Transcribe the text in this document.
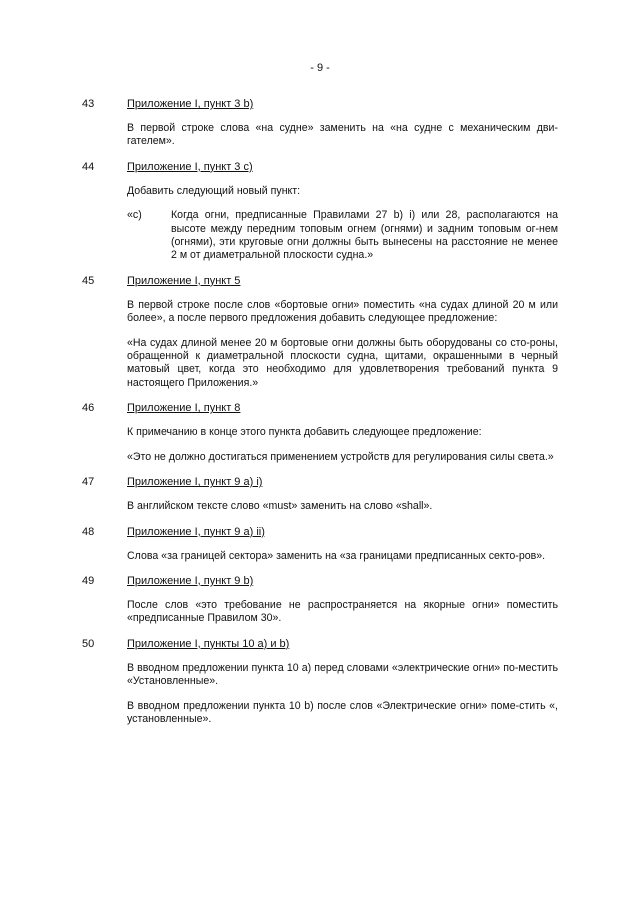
- 9 -
43	Приложение I, пункт 3 b)

В первой строке слова «на судне» заменить на «на судне с механическим дви-гателем».

44	Приложение I, пункт 3 c)

Добавить следующий новый пункт:

«c)	Когда огни, предписанные Правилами 27 b) i) или 28, располагаются на высоте между передним топовым огнем (огнями) и задним топовым ог-нем (огнями), эти круговые огни должны быть вынесены на расстояние не менее 2 м от диаметральной плоскости судна.»
45	Приложение I, пункт 5

В первой строке после слов «бортовые огни» поместить «на судах длиной 20 м или более», а после первого предложения добавить следующее предложение:

«На судах длиной менее 20 м бортовые огни должны быть оборудованы со сто-роны, обращенной к диаметральной плоскости судна, щитами, окрашенными в черный матовый цвет, когда это необходимо для удовлетворения требований пункта 9 настоящего Приложения.»

46	Приложение I, пункт 8

К примечанию в конце этого пункта добавить следующее предложение:

«Это не должно достигаться применением устройств для регулирования силы света.»

47	Приложение I, пункт 9 a) i)

В английском тексте слово «must» заменить на слово «shall».

48	Приложение I, пункт 9 a) ii)

Слова «за границей сектора» заменить на «за границами предписанных секто-ров».

49	Приложение I, пункт 9 b)

После слов «это требование не распространяется на якорные огни» поместить «предписанные Правилом 30».

50	Приложение I, пункты 10 a) и b)

В вводном предложении пункта 10 a) перед словами «электрические огни» по-местить «Установленные».

В вводном предложении пункта 10 b) после слов «Электрические огни» поме-стить «, установленные».
